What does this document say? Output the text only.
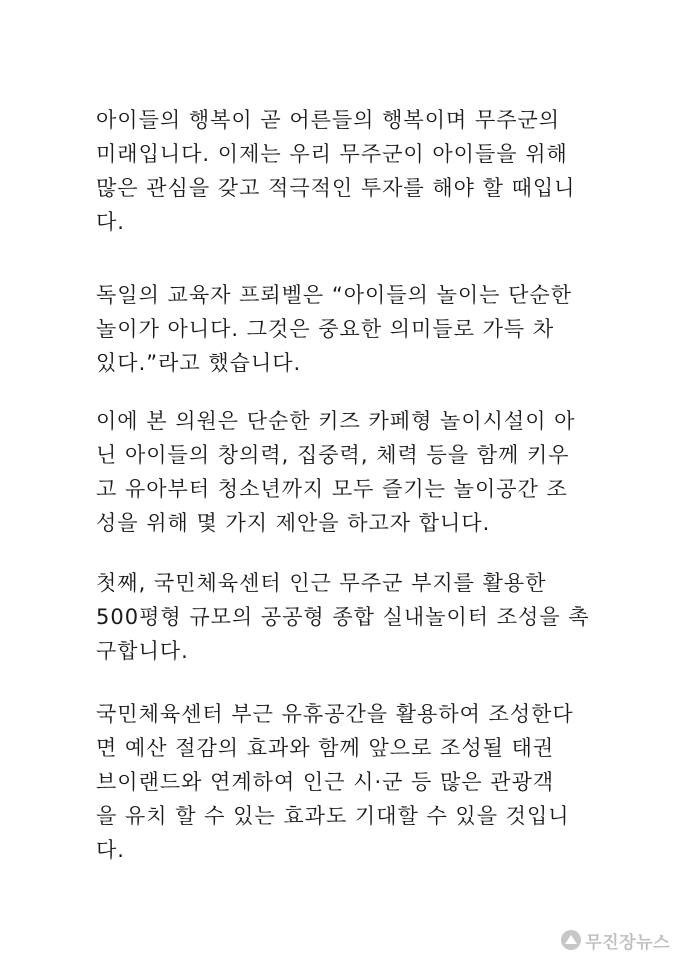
아이들의 행복이 곧 어른들의 행복이며 무주군의
미래입니다. 이제는 우리 무주군이 아이들을 위해
많은 관심을 갖고 적극적인 투자를 해야 할 때입니
다.
독일의 교육자 프뢰벨은 “아이들의 놀이는 단순한
놀이가 아니다. 그것은 중요한 의미들로 가득 차
있다.”라고 했습니다.
이에 본 의원은 단순한 키즈 카페형 놀이시설이 아
닌 아이들의 창의력, 집중력, 체력 등을 함께 키우
고 유아부터 청소년까지 모두 즐기는 놀이공간 조
성을 위해 몇 가지 제안을 하고자 합니다.
첫째, 국민체육센터 인근 무주군 부지를 활용한
500평형 규모의 공공형 종합 실내놀이터 조성을 촉
구합니다.
국민체육센터 부근 유휴공간을 활용하여 조성한다
면 예산 절감의 효과와 함께 앞으로 조성될 태권
브이랜드와 연계하여 인근 시·군 등 많은 관광객
을 유치 할 수 있는 효과도 기대할 수 있을 것입니
다.
무진장뉴스
